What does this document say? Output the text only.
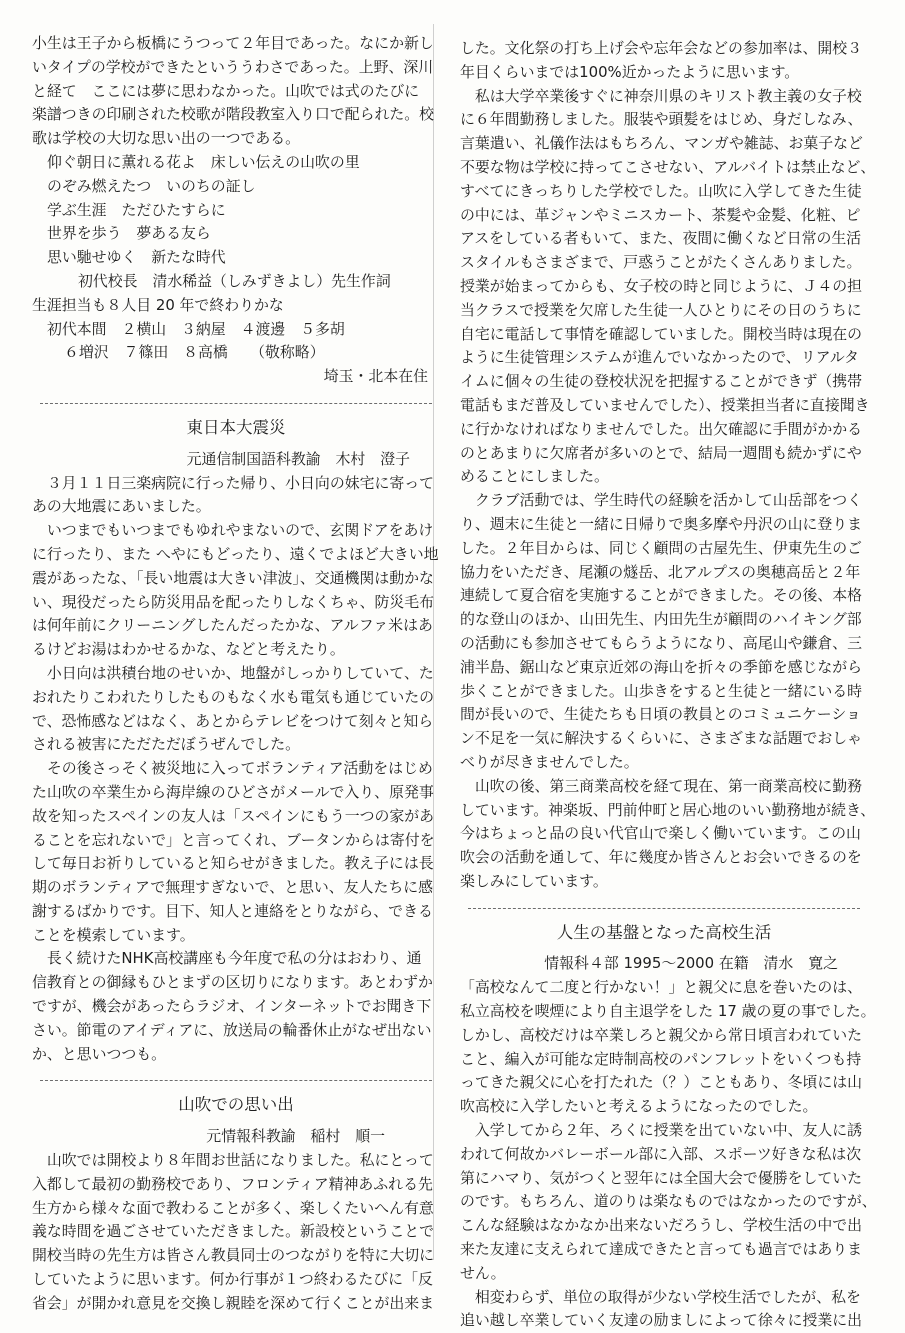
小生は王子から板橋にうつって２年目であった。なにか新し

いタイプの学校ができたといううわさであった。上野、深川

と経て　ここには夢に思わなかった。山吹では式のたびに

楽譜つきの印刷された校歌が階段教室入り口で配られた。校

歌は学校の大切な思い出の一つである。

仰ぐ朝日に薫れる花よ　床しい伝えの山吹の里

のぞみ燃えたつ　いのちの証し

学ぶ生涯　ただひたすらに

世界を歩う　夢ある友ら

思い馳せゆく　新たな時代

初代校長　清水稀益（しみずきよし）先生作詞

生涯担当も８人目 20 年で終わりかな

初代本間　２横山　３納屋　４渡邊　５多胡

６増沢　７篠田　８高橋　　（敬称略）

埼玉・北本在住

東日本大震災

元通信制国語科教諭　木村　澄子

　３月１１日三楽病院に行った帰り、小日向の妹宅に寄って

あの大地震にあいました。

　いつまでもいつまでもゆれやまないので、玄関ドアをあけ

に行ったり、また へやにもどったり、遠くでよほど大きい地

震があったな、「長い地震は大きい津波」、交通機関は動かな

い、現役だったら防災用品を配ったりしなくちゃ、防災毛布

は何年前にクリーニングしたんだったかな、アルファ米はあ

るけどお湯はわかせるかな、などと考えたり。

　小日向は洪積台地のせいか、地盤がしっかりしていて、た

おれたりこわれたりしたものもなく水も電気も通じていたの

で、恐怖感などはなく、あとからテレビをつけて刻々と知ら

される被害にただただぼうぜんでした。

　その後さっそく被災地に入ってボランティア活動をはじめ

た山吹の卒業生から海岸線のひどさがメールで入り、原発事

故を知ったスペインの友人は「スペインにもう一つの家があ

ることを忘れないで」と言ってくれ、ブータンからは寄付を

して毎日お祈りしていると知らせがきました。教え子には長

期のボランティアで無理すぎないで、と思い、友人たちに感

謝するばかりです。目下、知人と連絡をとりながら、できる

ことを模索しています。

　長く続けたNHK高校講座も今年度で私の分はおわり、通

信教育との御縁もひとまずの区切りになります。あとわずか

ですが、機会があったらラジオ、インターネットでお聞き下

さい。節電のアイディアに、放送局の輪番休止がなぜ出ない

か、と思いつつも。

山吹での思い出

元情報科教諭　稲村　順一

　山吹では開校より８年間お世話になりました。私にとって

入都して最初の勤務校であり、フロンティア精神あふれる先

生方から様々な面で教わることが多く、楽しくたいへん有意

義な時間を過ごさせていただきました。新設校ということで

開校当時の先生方は皆さん教員同士のつながりを特に大切に

していたように思います。何か行事が１つ終わるたびに「反

省会」が開かれ意見を交換し親睦を深めて行くことが出来ま

した。文化祭の打ち上げ会や忘年会などの参加率は、開校３

年目くらいまでは100%近かったように思います。

　私は大学卒業後すぐに神奈川県のキリスト教主義の女子校

に６年間勤務しました。服装や頭髪をはじめ、身だしなみ、

言葉遣い、礼儀作法はもちろん、マンガや雑誌、お菓子など

不要な物は学校に持ってこさせない、アルバイトは禁止など、

すべてにきっちりした学校でした。山吹に入学してきた生徒

の中には、革ジャンやミニスカート、茶髪や金髪、化粧、ピ

アスをしている者もいて、また、夜間に働くなど日常の生活

スタイルもさまざまで、戸惑うことがたくさんありました。

授業が始まってからも、女子校の時と同じように、Ｊ４の担

当クラスで授業を欠席した生徒一人ひとりにその日のうちに

自宅に電話して事情を確認していました。開校当時は現在の

ように生徒管理システムが進んでいなかったので、リアルタ

イムに個々の生徒の登校状況を把握することができず（携帯

電話もまだ普及していませんでした）、授業担当者に直接聞き

に行かなければなりませんでした。出欠確認に手間がかかる

のとあまりに欠席者が多いのとで、結局一週間も続かずにや

めることにしました。

　クラブ活動では、学生時代の経験を活かして山岳部をつく

り、週末に生徒と一緒に日帰りで奥多摩や丹沢の山に登りま

した。２年目からは、同じく顧問の古屋先生、伊東先生のご

協力をいただき、尾瀬の燧岳、北アルプスの奥穂高岳と２年

連続して夏合宿を実施することができました。その後、本格

的な登山のほか、山田先生、内田先生が顧問のハイキング部

の活動にも参加させてもらうようになり、高尾山や鎌倉、三

浦半島、鋸山など東京近郊の海山を折々の季節を感じながら

歩くことができました。山歩きをすると生徒と一緒にいる時

間が長いので、生徒たちも日頃の教員とのコミュニケーショ

ン不足を一気に解決するくらいに、さまざまな話題でおしゃ

べりが尽きませんでした。

　山吹の後、第三商業高校を経て現在、第一商業高校に勤務

しています。神楽坂、門前仲町と居心地のいい勤務地が続き、

今はちょっと品の良い代官山で楽しく働いています。この山

吹会の活動を通して、年に幾度か皆さんとお会いできるのを

楽しみにしています。

人生の基盤となった高校生活

情報科４部 1995〜2000 在籍　清水　寛之

「高校なんて二度と行かない！」と親父に息を巻いたのは、

私立高校を喫煙により自主退学をした 17 歳の夏の事でした。

しかし、高校だけは卒業しろと親父から常日頃言われていた

こと、編入が可能な定時制高校のパンフレットをいくつも持

ってきた親父に心を打たれた（？）こともあり、冬頃には山

吹高校に入学したいと考えるようになったのでした。

　入学してから２年、ろくに授業を出ていない中、友人に誘

われて何故かバレーボール部に入部、スポーツ好きな私は次

第にハマり、気がつくと翌年には全国大会で優勝をしていた

のです。もちろん、道のりは楽なものではなかったのですが、

こんな経験はなかなか出来ないだろうし、学校生活の中で出

来た友達に支えられて達成できたと言っても過言ではありま

せん。

　相変わらず、単位の取得が少ない学校生活でしたが、私を

追い越し卒業していく友達の励ましによって徐々に授業に出
